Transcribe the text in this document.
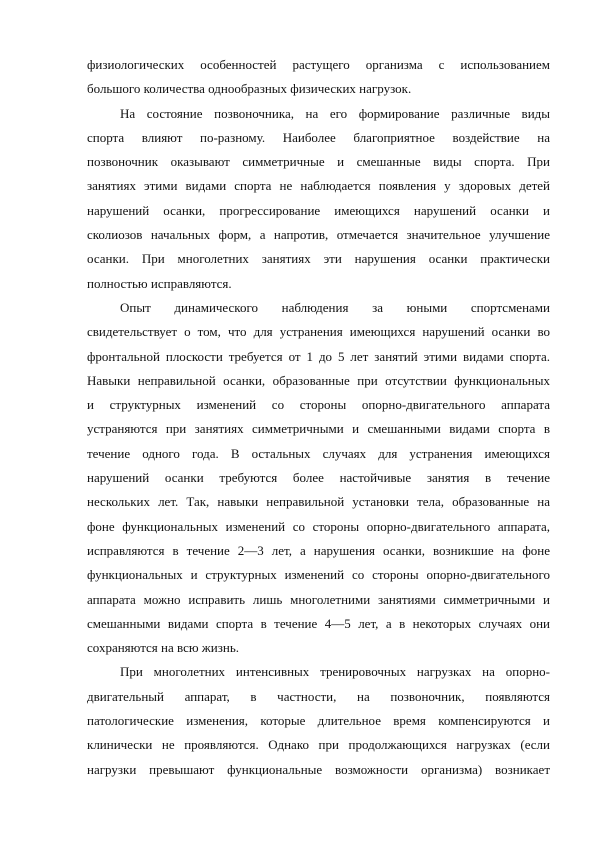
физиологических особенностей растущего организма с использованием
большого количества однообразных физических нагрузок.
На состояние позвоночника, на его формирование различные виды
спорта влияют по-разному. Наиболее благоприятное воздействие на
позвоночник оказывают симметричные и смешанные виды спорта. При
занятиях этими видами спорта не наблюдается появления у здоровых детей
нарушений осанки, прогрессирование имеющихся нарушений осанки и
сколиозов начальных форм, а напротив, отмечается значительное улучшение
осанки. При многолетних занятиях эти нарушения осанки практически
полностью исправляются.
Опыт динамического наблюдения за юными спортсменами
свидетельствует о том, что для устранения имеющихся нарушений осанки во
фронтальной плоскости требуется от 1 до 5 лет занятий этими видами спорта.
Навыки неправильной осанки, образованные при отсутствии функциональных
и структурных изменений со стороны опорно-двигательного аппарата
устраняются при занятиях симметричными и смешанными видами спорта в
течение одного года. В остальных случаях для устранения имеющихся
нарушений осанки требуются более настойчивые занятия в течение
нескольких лет. Так, навыки неправильной установки тела, образованные на
фоне функциональных изменений со стороны опорно-двигательного аппарата,
исправляются в течение 2—3 лет, а нарушения осанки, возникшие на фоне
функциональных и структурных изменений со стороны опорно-двигательного
аппарата можно исправить лишь многолетними занятиями симметричными и
смешанными видами спорта в течение 4—5 лет, а в некоторых случаях они
сохраняются на всю жизнь.
При многолетних интенсивных тренировочных нагрузках на опорно-
двигательный аппарат, в частности, на позвоночник, появляются
патологические изменения, которые длительное время компенсируются и
клинически не проявляются. Однако при продолжающихся нагрузках (если
нагрузки превышают функциональные возможности организма) возникает
